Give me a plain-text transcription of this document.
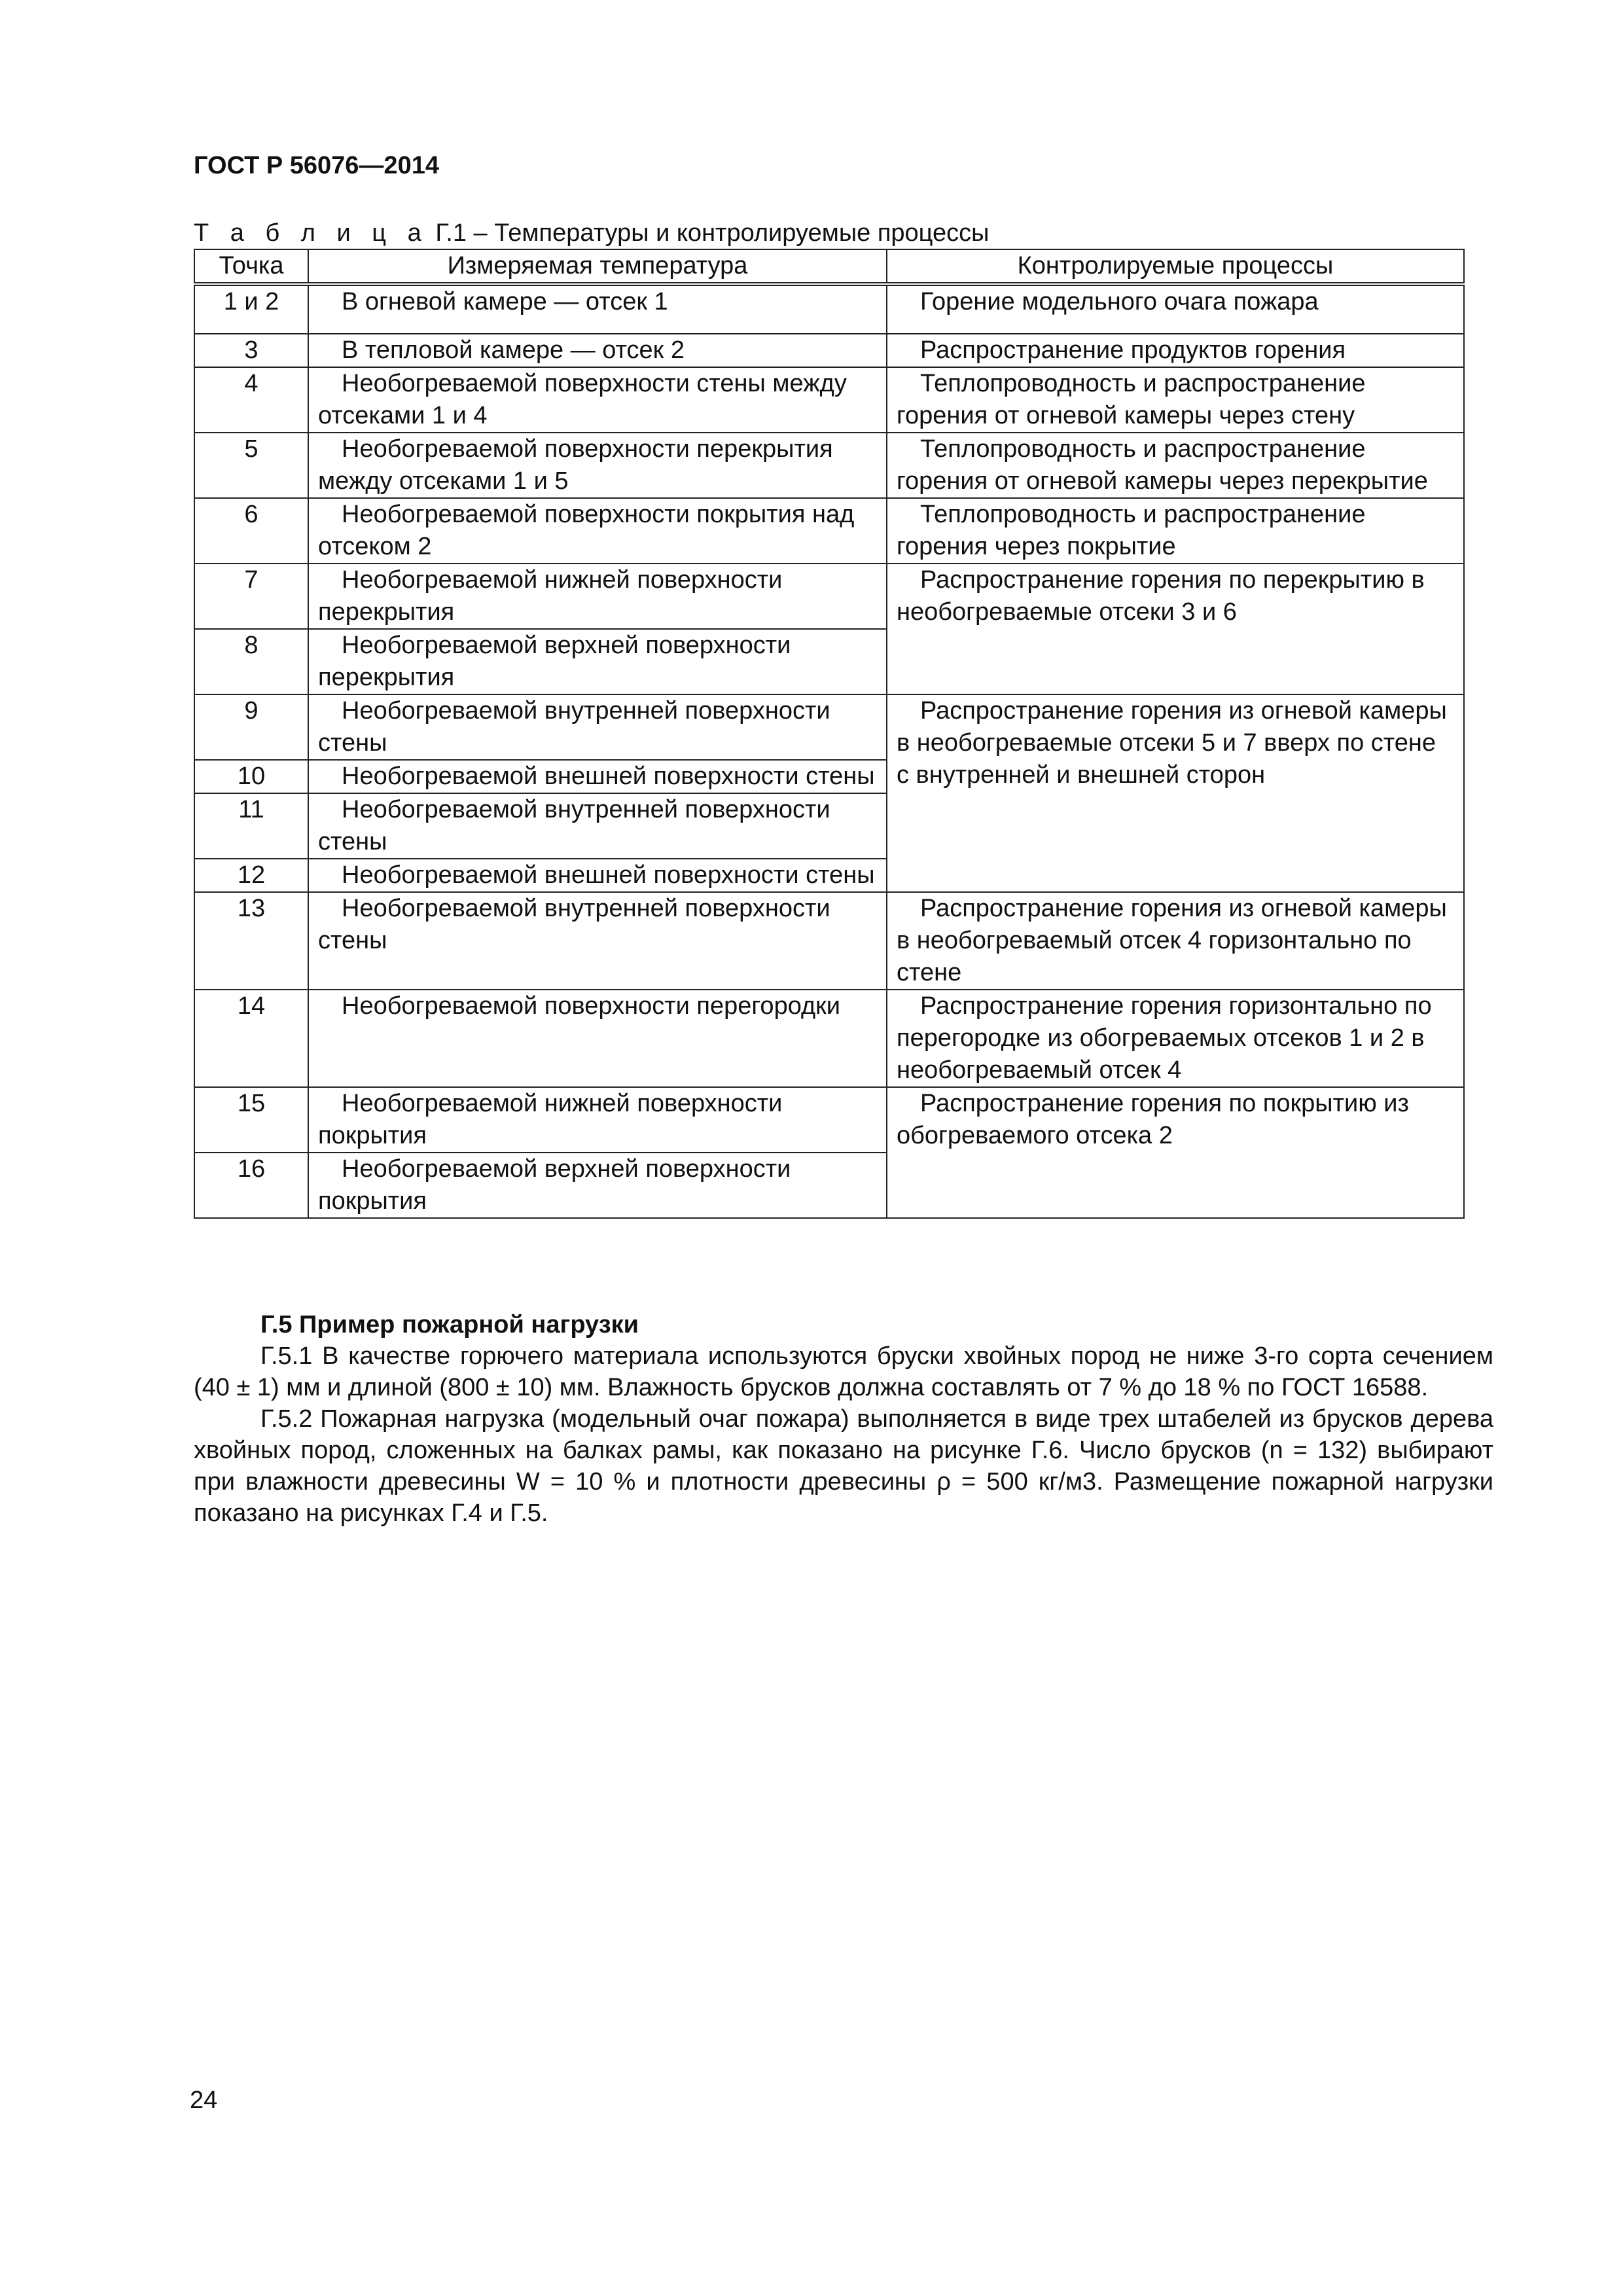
ГОСТ Р 56076—2014
Т а б л и ц а Г.1 – Температуры и контролируемые процессы
Точка	Измеряемая температура	Контролируемые процессы
1 и 2	В огневой камере — отсек 1	Горение модельного очага пожара
3	В тепловой камере — отсек 2	Распространение продуктов горения
4	Необогреваемой поверхности стены между отсеками 1 и 4	Теплопроводность и распространение горения от огневой камеры через стену
5	Необогреваемой поверхности перекрытия между отсеками 1 и 5	Теплопроводность и распространение горения от огневой камеры через перекрытие
6	Необогреваемой поверхности покрытия над отсеком 2	Теплопроводность и распространение горения через покрытие
7	Необогреваемой нижней поверхности перекрытия	Распространение горения по перекрытию в необогреваемые отсеки 3 и 6
8	Необогреваемой верхней поверхности перекрытия	
9	Необогреваемой внутренней поверхности стены	Распространение горения из огневой камеры в необогреваемые отсеки 5 и 7 вверх по стене с внутренней и внешней сторон
10	Необогреваемой внешней поверхности стены	
11	Необогреваемой внутренней поверхности стены	
12	Необогреваемой внешней поверхности стены	
13	Необогреваемой внутренней поверхности стены	Распространение горения из огневой камеры в необогреваемый отсек 4 горизонтально по стене
14	Необогреваемой поверхности перегородки	Распространение горения горизонтально по перегородке из обогреваемых отсеков 1 и 2 в необогреваемый отсек 4
15	Необогреваемой нижней поверхности покрытия	Распространение горения по покрытию из обогреваемого отсека 2
16	Необогреваемой верхней поверхности покрытия	
Г.5 Пример пожарной нагрузки

Г.5.1 В качестве горючего материала используются бруски хвойных пород не ниже 3-го сорта сечением (40 ± 1) мм и длиной (800 ± 10) мм. Влажность брусков должна составлять от 7 % до 18 % по ГОСТ 16588.

Г.5.2 Пожарная нагрузка (модельный очаг пожара) выполняется в виде трех штабелей из брусков дерева хвойных пород, сложенных на балках рамы, как показано на рисунке Г.6. Число брусков (n = 132) выбирают при влажности древесины W = 10 % и плотности древесины ρ = 500 кг/м3. Размещение пожарной нагрузки показано на рисунках Г.4 и Г.5.

24
